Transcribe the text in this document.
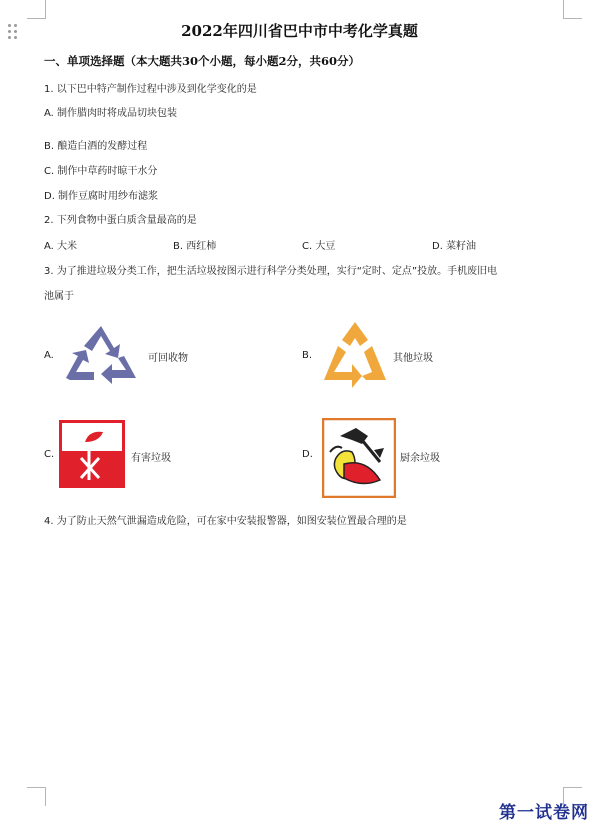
2022年四川省巴中市中考化学真题
一、单项选择题（本大题共30个小题，每小题2分，共60分）
1. 以下巴中特产制作过程中涉及到化学变化的是
A. 制作腊肉时将成品切块包装
B. 酿造白酒的发酵过程
C. 制作中草药时晾干水分
D. 制作豆腐时用纱布滤浆
2. 下列食物中蛋白质含量最高的是
A. 大米	B. 西红柿	C. 大豆	D. 菜籽油
3. 为了推进垃圾分类工作，把生活垃圾按图示进行科学分类处理，实行“定时、定点”投放。手机废旧电
池属于
A.	可回收物	B.	其他垃圾
C.	有害垃圾	D.	厨余垃圾
4. 为了防止天然气泄漏造成危险，可在家中安装报警器，如图安装位置最合理的是
第一试卷网
